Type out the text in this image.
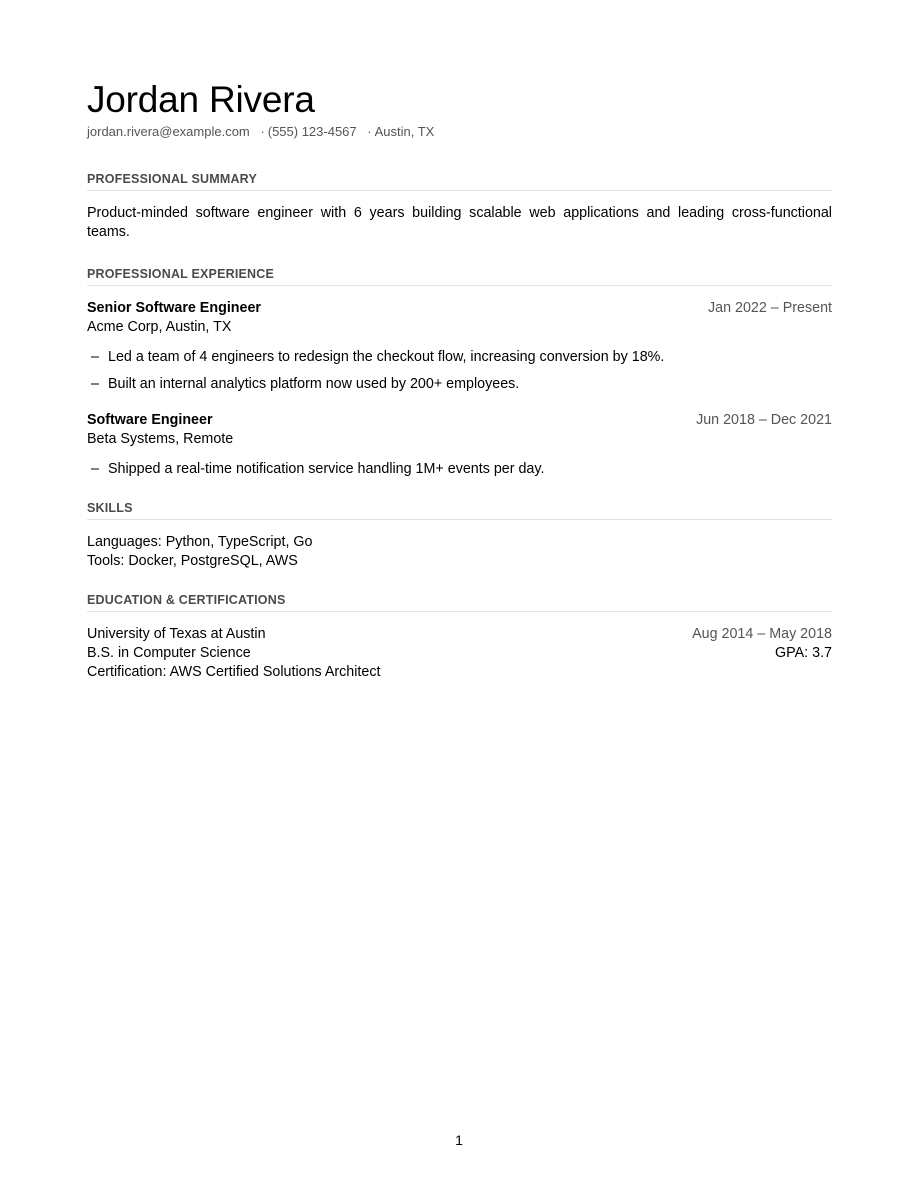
Jordan Rivera
jordan.rivera@example.com · (555) 123-4567 · Austin, TX
PROFESSIONAL SUMMARY
Product-minded software engineer with 6 years building scalable web applications and leading cross-functional teams.
PROFESSIONAL EXPERIENCE
Senior Software Engineer	Jan 2022 – Present
Acme Corp, Austin, TX
– Led a team of 4 engineers to redesign the checkout flow, increasing conversion by 18%.
– Built an internal analytics platform now used by 200+ employees.
Software Engineer	Jun 2018 – Dec 2021
Beta Systems, Remote
– Shipped a real-time notification service handling 1M+ events per day.
SKILLS
Languages: Python, TypeScript, Go
Tools: Docker, PostgreSQL, AWS
EDUCATION & CERTIFICATIONS
University of Texas at Austin	Aug 2014 – May 2018
B.S. in Computer Science	GPA: 3.7
Certification: AWS Certified Solutions Architect
1
